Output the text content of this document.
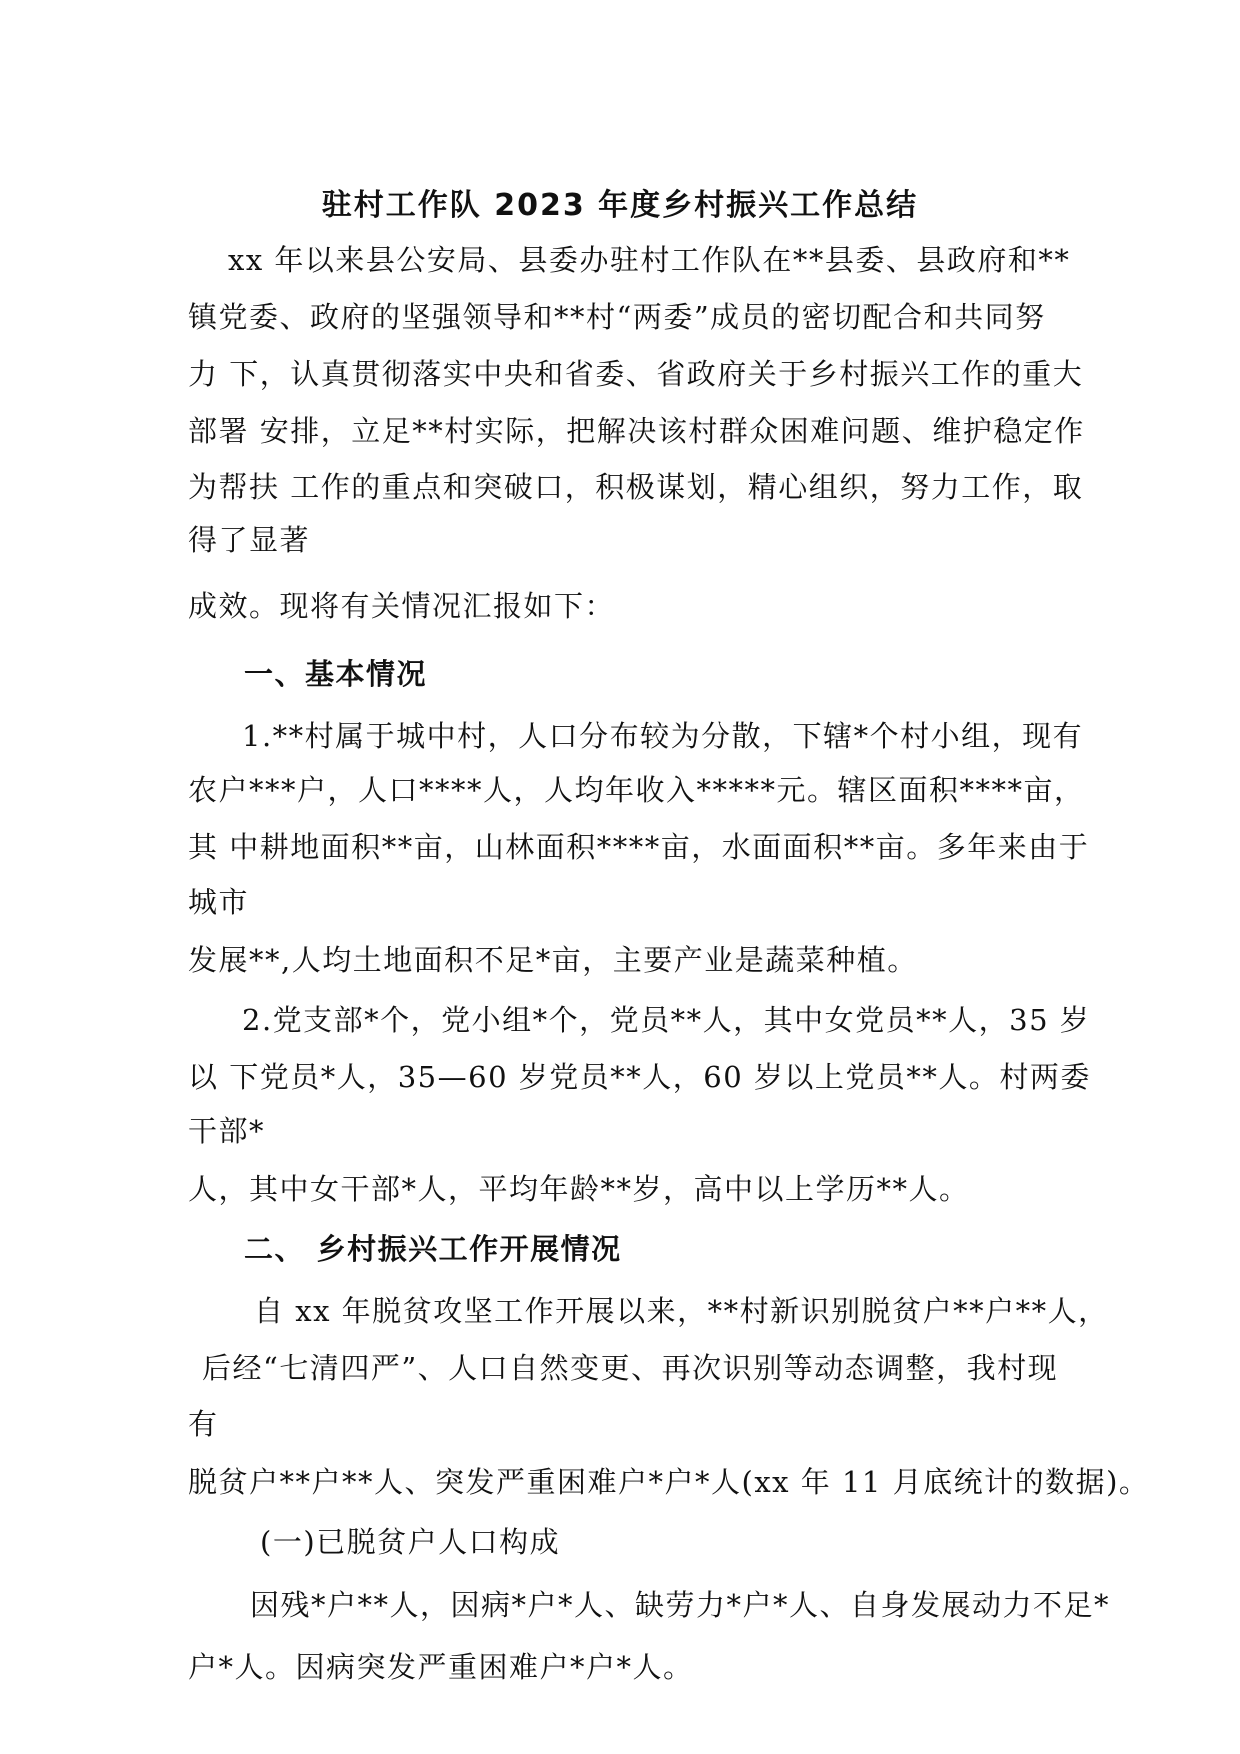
驻村工作队 2023 年度乡村振兴工作总结
xx 年以来县公安局、县委办驻村工作队在**县委、县政府和**
镇党委、政府的坚强领导和**村“两委”成员的密切配合和共同努
力 下，认真贯彻落实中央和省委、省政府关于乡村振兴工作的重大
部署 安排，立足**村实际，把解决该村群众困难问题、维护稳定作
为帮扶 工作的重点和突破口，积极谋划，精心组织，努力工作，取
得了显著
成效。现将有关情况汇报如下：
一、基本情况
1.**村属于城中村，人口分布较为分散，下辖*个村小组，现有
农户***户，人口****人，人均年收入*****元。辖区面积****亩，
其 中耕地面积**亩，山林面积****亩，水面面积**亩。多年来由于
城市
发展**,人均土地面积不足*亩，主要产业是蔬菜种植。
2.党支部*个，党小组*个，党员**人，其中女党员**人，35 岁
以 下党员*人，35—60 岁党员**人，60 岁以上党员**人。村两委
干部*
人，其中女干部*人，平均年龄**岁，高中以上学历**人。
二、 乡村振兴工作开展情况
自 xx 年脱贫攻坚工作开展以来，**村新识别脱贫户**户**人，
后经“七清四严”、人口自然变更、再次识别等动态调整，我村现
有
脱贫户**户**人、突发严重困难户*户*人(xx 年 11 月底统计的数据)。
(一)已脱贫户人口构成
因残*户**人，因病*户*人、缺劳力*户*人、自身发展动力不足*
户*人。因病突发严重困难户*户*人。
